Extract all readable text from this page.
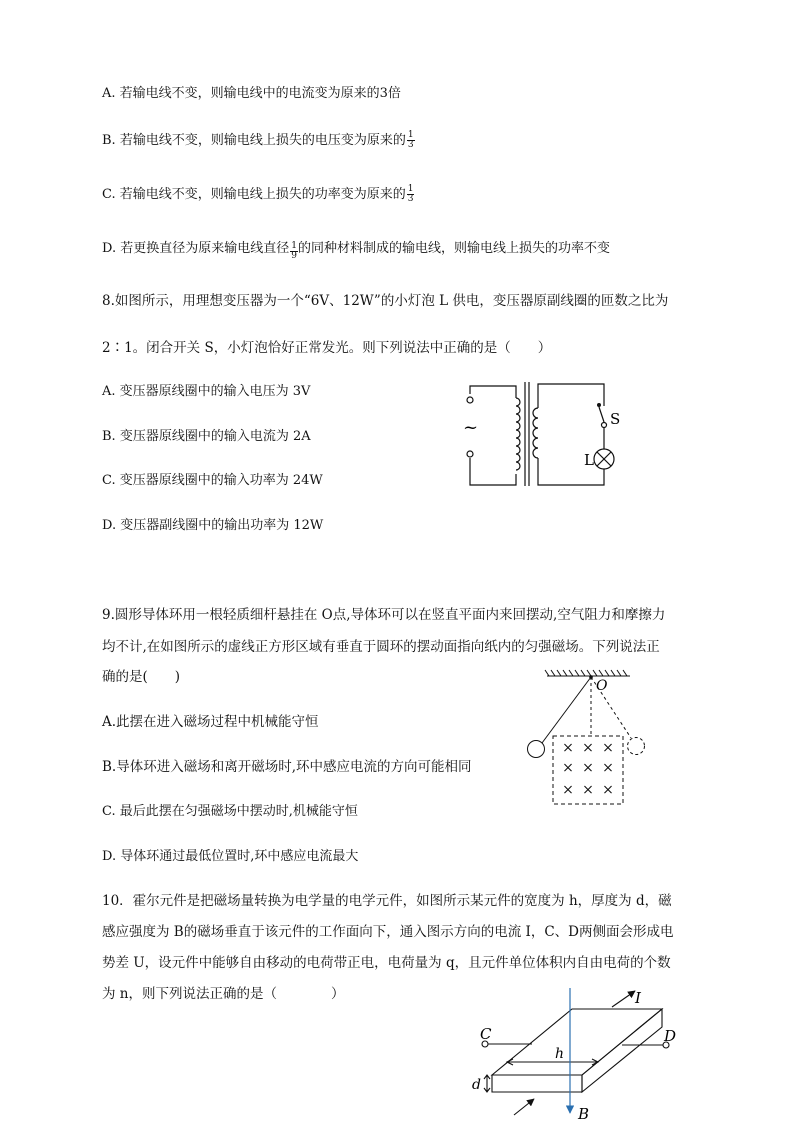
A. 若输电线不变，则输电线中的电流变为原来的3倍
B. 若输电线不变，则输电线上损失的电压变为原来的 $\frac{1}{3}$
C. 若输电线不变，则输电线上损失的功率变为原来的 $\frac{1}{3}$
D. 若更换直径为原来输电线直径 $\frac{1}{9}$ 的同种材料制成的输电线，则输电线上损失的功率不变
8.如图所示，用理想变压器为一个“6V、12W”的小灯泡 L 供电，变压器原副线圈的匝数之比为
2∶1。闭合开关 S，小灯泡恰好正常发光。则下列说法中正确的是（　　）
A. 变压器原线圈中的输入电压为 3V
B. 变压器原线圈中的输入电流为 2A
C. 变压器原线圈中的输入功率为 24W
D. 变压器副线圈中的输出功率为 12W
~	S
L
9.圆形导体环用一根轻质细杆悬挂在 O点,导体环可以在竖直平面内来回摆动,空气阻力和摩擦力
均不计,在如图所示的虚线正方形区域有垂直于圆环的摆动面指向纸内的匀强磁场。下列说法正
确的是(　　)
A.此摆在进入磁场过程中机械能守恒
B.导体环进入磁场和离开磁场时,环中感应电流的方向可能相同
C. 最后此摆在匀强磁场中摆动时,机械能守恒
D. 导体环通过最低位置时,环中感应电流最大
O
× × ×
× × ×
× × ×
10．霍尔元件是把磁场量转换为电学量的电学元件，如图所示某元件的宽度为 h，厚度为 d，磁
感应强度为 B的磁场垂直于该元件的工作面向下，通入图示方向的电流 I，C、D两侧面会形成电
势差 U，设元件中能够自由移动的电荷带正电，电荷量为 q，且元件单位体积内自由电荷的个数
为 n，则下列说法正确的是（　　　　）
C	D
h
d
I
B
